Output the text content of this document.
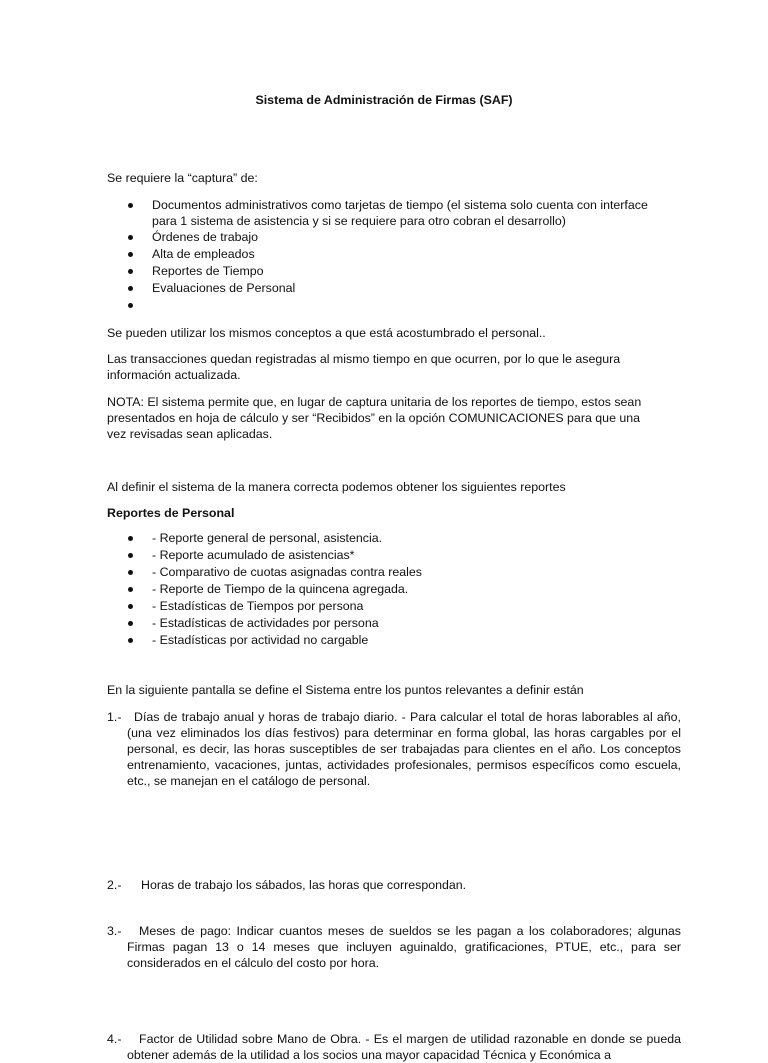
Sistema de Administración de Firmas (SAF)
Se requiere la “captura” de:
Documentos administrativos como tarjetas de tiempo (el sistema solo cuenta con interface para 1 sistema de asistencia y si se requiere para otro cobran el desarrollo)
Órdenes de trabajo
Alta de empleados
Reportes de Tiempo
Evaluaciones de Personal
Se pueden utilizar los mismos conceptos a que está acostumbrado el personal..
Las transacciones quedan registradas al mismo tiempo en que ocurren, por lo que le asegura información actualizada.
NOTA: El sistema permite que, en lugar de captura unitaria de los reportes de tiempo, estos sean presentados en hoja de cálculo y ser “Recibidos” en la opción COMUNICACIONES para que una vez revisadas sean aplicadas.
Al definir el sistema de la manera correcta podemos obtener los siguientes reportes
Reportes de Personal
- Reporte general de personal, asistencia.
- Reporte acumulado de asistencias*
- Comparativo de cuotas asignadas contra reales
- Reporte de Tiempo de la quincena agregada.
- Estadísticas de Tiempos por persona
- Estadísticas de actividades por persona
- Estadísticas por actividad no cargable
En la siguiente pantalla se define el Sistema entre los puntos relevantes a definir están
1.-	Días de trabajo anual y horas de trabajo diario. - Para calcular el total de horas laborables al año, (una vez eliminados los días festivos) para determinar en forma global, las horas cargables por el personal, es decir, las horas susceptibles de ser trabajadas para clientes en el año. Los conceptos entrenamiento, vacaciones, juntas, actividades profesionales, permisos específicos como escuela, etc., se manejan en el catálogo de personal.
2.-	Horas de trabajo los sábados, las horas que correspondan.
3.-	Meses de pago: Indicar cuantos meses de sueldos se les pagan a los colaboradores; algunas Firmas pagan 13 o 14 meses que incluyen aguinaldo, gratificaciones, PTUE, etc., para ser considerados en el cálculo del costo por hora.
4.-	Factor de Utilidad sobre Mano de Obra. - Es el margen de utilidad razonable en donde se pueda obtener además de la utilidad a los socios una mayor capacidad Técnica y Económica a
